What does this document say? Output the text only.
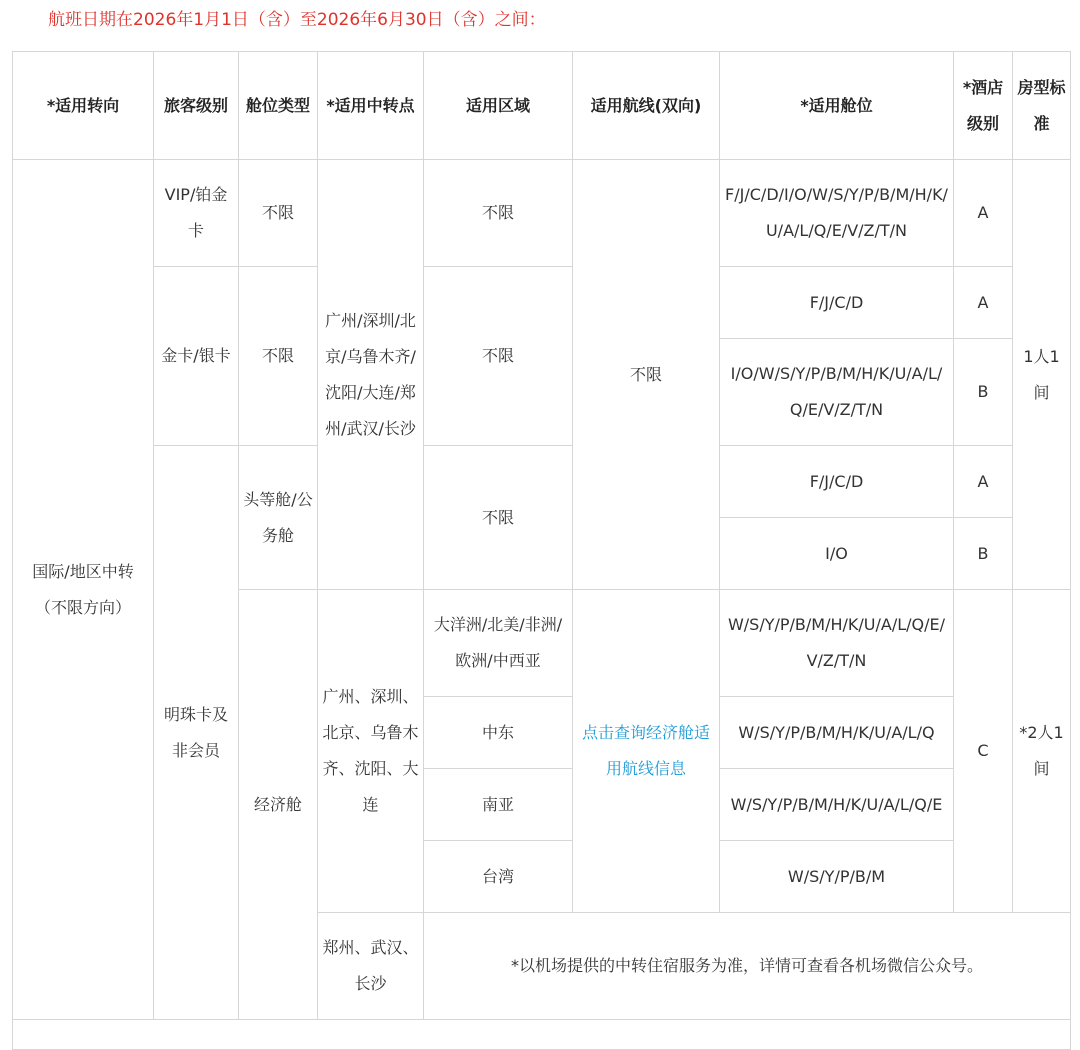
航班日期在2026年1月1日（含）至2026年6月30日（含）之间：
*适用转向	旅客级别	舱位类型	*适用中转点	适用区域	适用航线(双向)	*适用舱位	*酒店级别	房型标准
国际/地区中转（不限方向）	VIP/铂金卡	不限	广州/深圳/北京/乌鲁木齐/沈阳/大连/郑州/武汉/长沙	不限	不限	F/J/C/D/I/O/W/S/Y/P/B/M/H/K/U/A/L/Q/E/V/Z/T/N	A	1人1间
	金卡/银卡	不限		不限		F/J/C/D	A	
						I/O/W/S/Y/P/B/M/H/K/U/A/L/Q/E/V/Z/T/N	B	
	明珠卡及非会员	头等舱/公务舱		不限		F/J/C/D	A	
						I/O	B	
		经济舱	广州、深圳、北京、乌鲁木齐、沈阳、大连	大洋洲/北美/非洲/欧洲/中西亚	点击查询经济舱适用航线信息	W/S/Y/P/B/M/H/K/U/A/L/Q/E/V/Z/T/N	C	*2人1间
				中东		W/S/Y/P/B/M/H/K/U/A/L/Q		
				南亚		W/S/Y/P/B/M/H/K/U/A/L/Q/E		
				台湾		W/S/Y/P/B/M		
			郑州、武汉、长沙	*以机场提供的中转住宿服务为准，详情可查看各机场微信公众号。				
